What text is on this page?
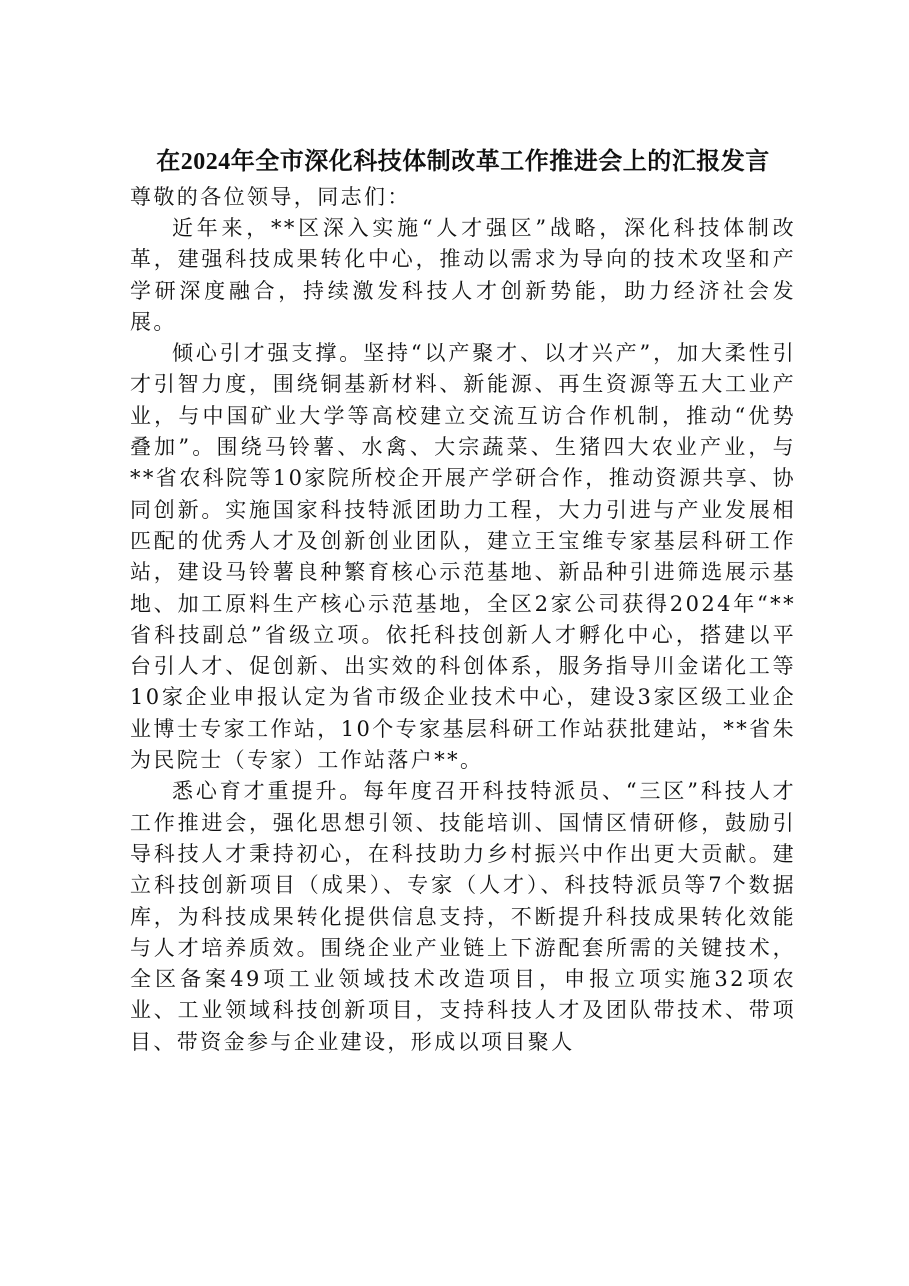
在2024年全市深化科技体制改革工作推进会上的汇报发言

尊敬的各位领导，同志们：

近年来，**区深入实施“人才强区”战略，深化科技体制改革，建强科技成果转化中心，推动以需求为导向的技术攻坚和产学研深度融合，持续激发科技人才创新势能，助力经济社会发展。

倾心引才强支撑。坚持“以产聚才、以才兴产”，加大柔性引才引智力度，围绕铜基新材料、新能源、再生资源等五大工业产业，与中国矿业大学等高校建立交流互访合作机制，推动“优势叠加”。围绕马铃薯、水禽、大宗蔬菜、生猪四大农业产业，与**省农科院等10家院所校企开展产学研合作，推动资源共享、协同创新。实施国家科技特派团助力工程，大力引进与产业发展相匹配的优秀人才及创新创业团队，建立王宝维专家基层科研工作站，建设马铃薯良种繁育核心示范基地、新品种引进筛选展示基地、加工原料生产核心示范基地，全区2家公司获得2024年“**省科技副总”省级立项。依托科技创新人才孵化中心，搭建以平台引人才、促创新、出实效的科创体系，服务指导川金诺化工等10家企业申报认定为省市级企业技术中心，建设3家区级工业企业博士专家工作站，10个专家基层科研工作站获批建站，**省朱为民院士（专家）工作站落户**。

悉心育才重提升。每年度召开科技特派员、“三区”科技人才工作推进会，强化思想引领、技能培训、国情区情研修，鼓励引导科技人才秉持初心，在科技助力乡村振兴中作出更大贡献。建立科技创新项目（成果）、专家（人才）、科技特派员等7个数据库，为科技成果转化提供信息支持，不断提升科技成果转化效能与人才培养质效。围绕企业产业链上下游配套所需的关键技术，全区备案49项工业领域技术改造项目，申报立项实施32项农业、工业领域科技创新项目，支持科技人才及团队带技术、带项目、带资金参与企业建设，形成以项目聚人
